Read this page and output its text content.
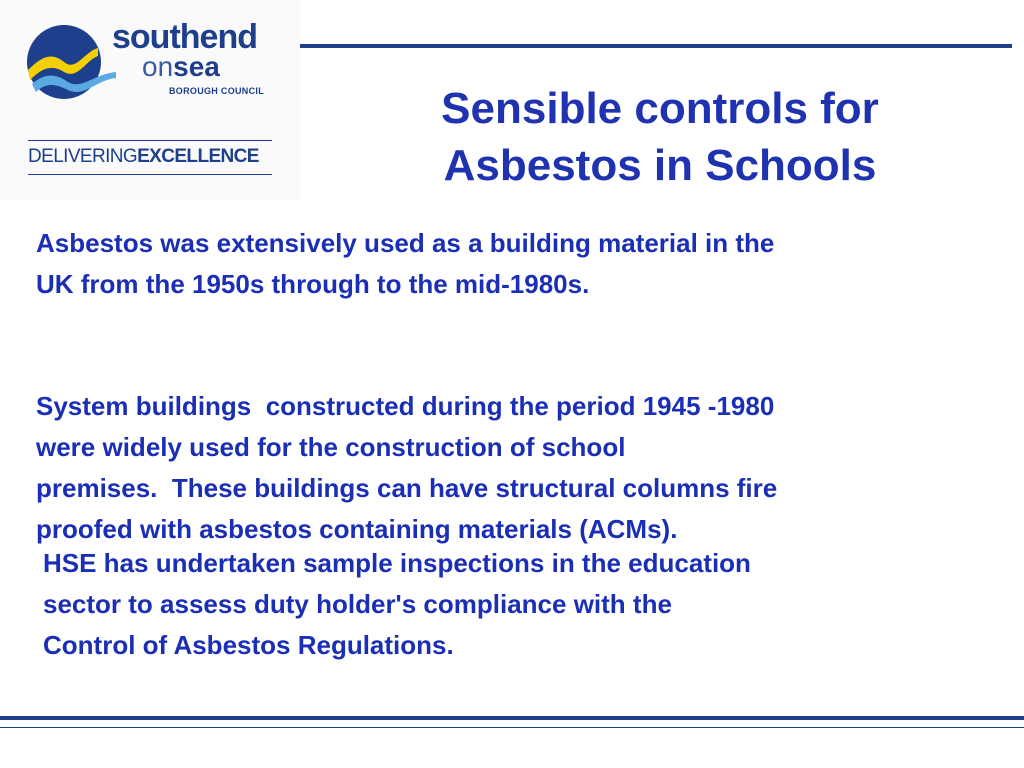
southend
onsea
BOROUGH COUNCIL
DELIVERINGEXCELLENCE
Sensible controls for
Asbestos in Schools

Asbestos was extensively used as a building material in the
UK from the 1950s through to the mid-1980s.

System buildings  constructed during the period 1945 -1980
were widely used for the construction of school
premises.  These buildings can have structural columns fire
proofed with asbestos containing materials (ACMs).

HSE has undertaken sample inspections in the education
sector to assess duty holder's compliance with the
Control of Asbestos Regulations.
